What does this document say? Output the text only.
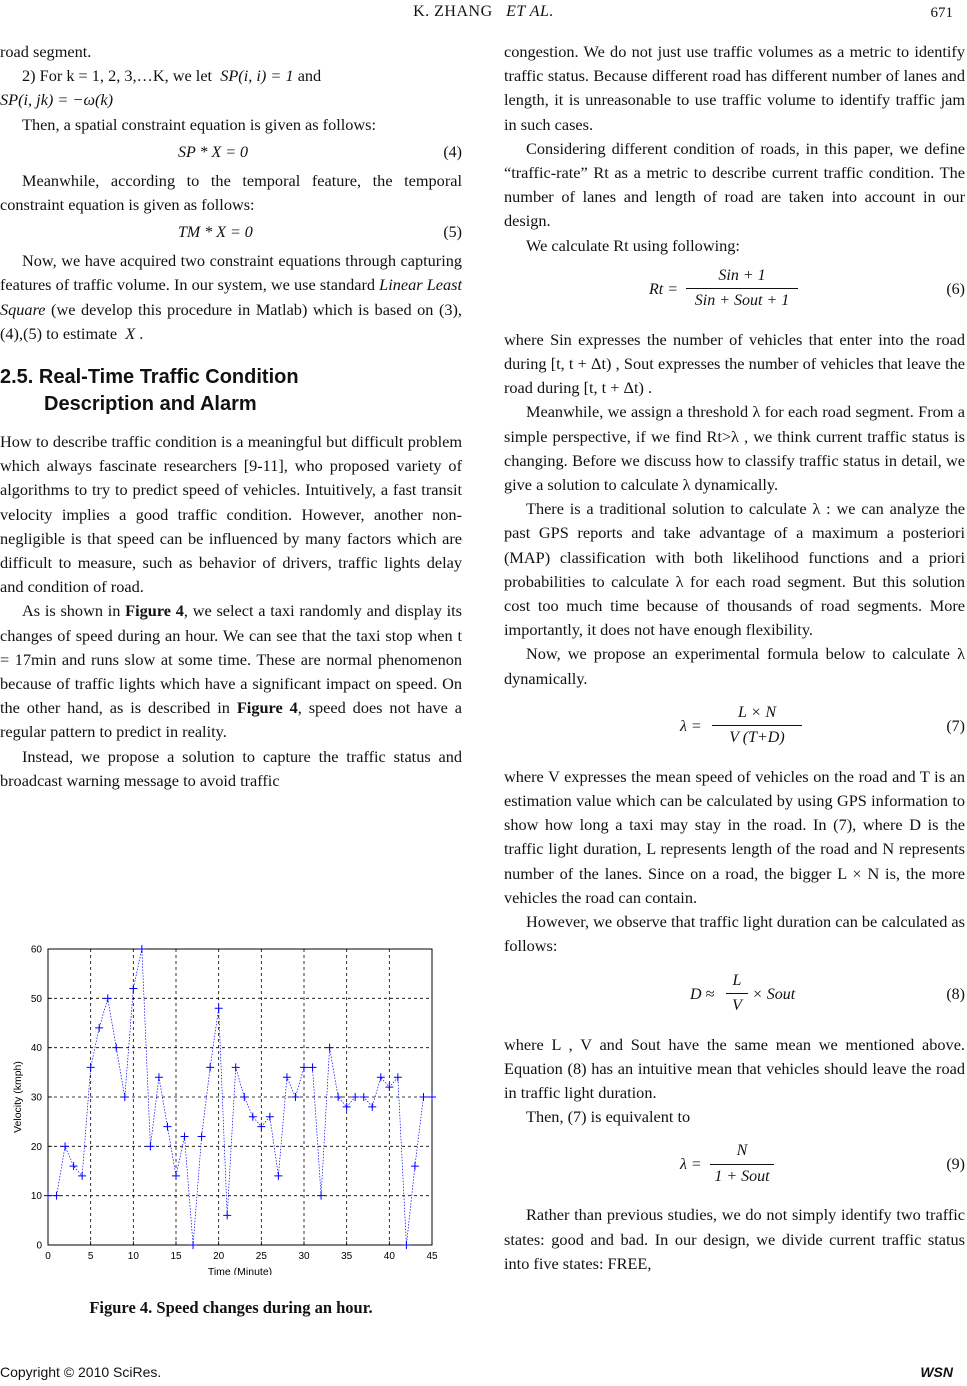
K. ZHANG ET AL.	671

road segment.

2) For k = 1, 2, 3,…K, we let SP(i, i) = 1 and
SP(i, jk) = −ω(k)

Then, a spatial constraint equation is given as follows:

SP * X = 0	(4)

Meanwhile, according to the temporal feature, the temporal constraint equation is given as follows:

TM * X = 0	(5)

Now, we have acquired two constraint equations through capturing features of traffic volume. In our system, we use standard Linear Least Square (we develop this procedure in Matlab) which is based on (3),(4),(5) to estimate X .

2.5. Real-Time Traffic Condition
Description and Alarm

How to describe traffic condition is a meaningful but difficult problem which always fascinate researchers [9-11], who proposed variety of algorithms to try to predict speed of vehicles. Intuitively, a fast transit velocity implies a good traffic condition. However, another non-negligible is that speed can be influenced by many factors which are difficult to measure, such as behavior of drivers, traffic lights delay and condition of road.

As is shown in Figure 4, we select a taxi randomly and display its changes of speed during an hour. We can see that the taxi stop when t = 17min and runs slow at some time. These are normal phenomenon because of traffic lights which have a significant impact on speed. On the other hand, as is described in Figure 4, speed does not have a regular pattern to predict in reality.

Instead, we propose a solution to capture the traffic status and broadcast warning message to avoid traffic

0	5	10	15	20	25	30	35	40	45
0
10
20
30
40
50
60
Time (Minute)
Velocity (kmph)
Figure 4. Speed changes during an hour.

congestion. We do not just use traffic volumes as a metric to identify traffic status. Because different road has different number of lanes and length, it is unreasonable to use traffic volume to identify traffic jam in such cases.

Considering different condition of roads, in this paper, we define “traffic-rate” Rt as a metric to describe current traffic condition. The number of lanes and length of road are taken into account in our design.

We calculate Rt using following:

Rt =
Sin + 1
Sin + Sout + 1
(6)

where Sin expresses the number of vehicles that enter into the road during [t, t + Δt) , Sout expresses the number of vehicles that leave the road during [t, t + Δt) .

Meanwhile, we assign a threshold λ for each road segment. From a simple perspective, if we find Rt>λ , we think current traffic status is changing. Before we discuss how to classify traffic status in detail, we give a solution to calculate λ dynamically.

There is a traditional solution to calculate λ : we can analyze the past GPS reports and take advantage of a maximum a posteriori (MAP) classification with both likelihood functions and a priori probabilities to calculate λ for each road segment. But this solution cost too much time because of thousands of road segments. More importantly, it does not have enough flexibility.

Now, we propose an experimental formula below to calculate λ dynamically.

λ =
L × N
V (T+D)
(7)

where V expresses the mean speed of vehicles on the road and T is an estimation value which can be calculated by using GPS information to show how long a taxi may stay in the road. In (7), where D is the traffic light duration, L represents length of the road and N represents number of the lanes. Since on a road, the bigger L × N is, the more vehicles the road can contain.

However, we observe that traffic light duration can be calculated as follows:

D ≈
L
V
× Sout	(8)

where L , V and Sout have the same mean we mentioned above. Equation (8) has an intuitive mean that vehicles should leave the road in traffic light duration.

Then, (7) is equivalent to

λ =
N
1 + Sout
(9)

Rather than previous studies, we do not simply identify two traffic states: good and bad. In our design, we divide current traffic status into five states: FREE,

Copyright © 2010 SciRes.	WSN
